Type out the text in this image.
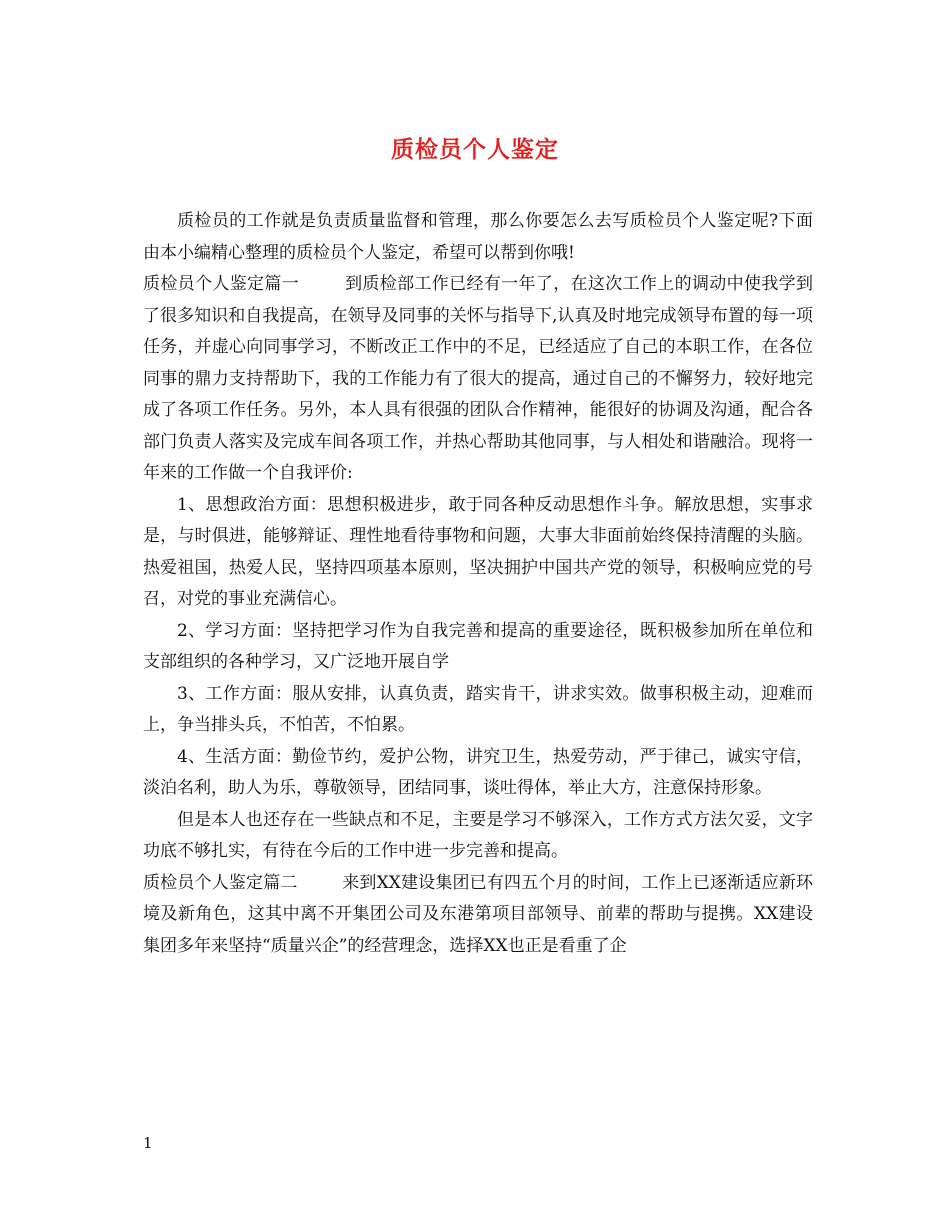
质检员个人鉴定

质检员的工作就是负责质量监督和管理，那么你要怎么去写质检员个人鉴定呢?下面由本小编精心整理的质检员个人鉴定，希望可以帮到你哦!

质检员个人鉴定篇一	到质检部工作已经有一年了，在这次工作上的调动中使我学到了很多知识和自我提高，在领导及同事的关怀与指导下,认真及时地完成领导布置的每一项任务，并虚心向同事学习，不断改正工作中的不足，已经适应了自己的本职工作，在各位同事的鼎力支持帮助下，我的工作能力有了很大的提高，通过自己的不懈努力，较好地完成了各项工作任务。另外，本人具有很强的团队合作精神，能很好的协调及沟通，配合各部门负责人落实及完成车间各项工作，并热心帮助其他同事，与人相处和谐融洽。现将一年来的工作做一个自我评价:

1、思想政治方面：思想积极进步，敢于同各种反动思想作斗争。解放思想，实事求是，与时俱进，能够辩证、理性地看待事物和问题，大事大非面前始终保持清醒的头脑。热爱祖国，热爱人民，坚持四项基本原则，坚决拥护中国共产党的领导，积极响应党的号召，对党的事业充满信心。

2、学习方面：坚持把学习作为自我完善和提高的重要途径，既积极参加所在单位和支部组织的各种学习，又广泛地开展自学

3、工作方面：服从安排，认真负责，踏实肯干，讲求实效。做事积极主动，迎难而上，争当排头兵，不怕苦，不怕累。

4、生活方面：勤俭节约，爱护公物，讲究卫生，热爱劳动，严于律己，诚实守信，淡泊名利，助人为乐，尊敬领导，团结同事，谈吐得体，举止大方，注意保持形象。

但是本人也还存在一些缺点和不足，主要是学习不够深入，工作方式方法欠妥，文字功底不够扎实，有待在今后的工作中进一步完善和提高。

质检员个人鉴定篇二	来到XX建设集团已有四五个月的时间，工作上已逐渐适应新环境及新角色，这其中离不开集团公司及东港第项目部领导、前辈的帮助与提携。XX建设集团多年来坚持“质量兴企”的经营理念，选择XX也正是看重了企

1
